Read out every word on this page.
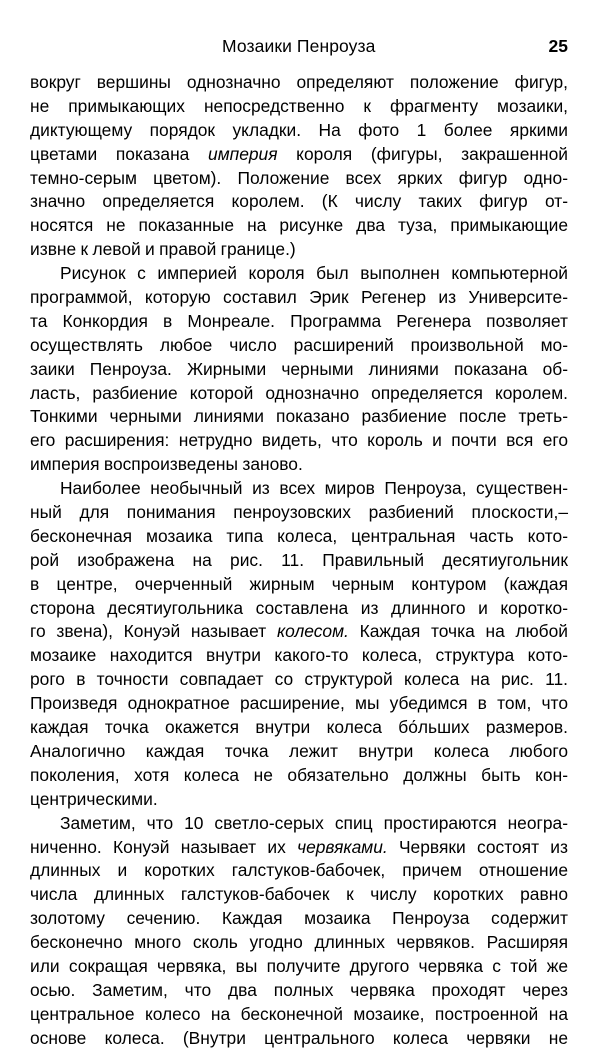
Мозаики Пенроуза	25
вокруг вершины однозначно определяют положение фигур,
не примыкающих непосредственно к фрагменту мозаики,
диктующему порядок укладки. На фото 1 более яркими
цветами показана империя короля (фигуры, закрашенной
темно-серым цветом). Положение всех ярких фигур одно-
значно определяется королем. (К числу таких фигур от-
носятся не показанные на рисунке два туза, примыкающие
извне к левой и правой границе.)
Рисунок с империей короля был выполнен компьютерной
программой, которую составил Эрик Регенер из Университе-
та Конкордия в Монреале. Программа Регенера позволяет
осуществлять любое число расширений произвольной мо-
заики Пенроуза. Жирными черными линиями показана об-
ласть, разбиение которой однозначно определяется королем.
Тонкими черными линиями показано разбиение после треть-
его расширения: нетрудно видеть, что король и почти вся его
империя воспроизведены заново.
Наиболее необычный из всех миров Пенроуза, существен-
ный для понимания пенроузовских разбиений плоскости,–
бесконечная мозаика типа колеса, центральная часть кото-
рой изображена на рис. 11. Правильный десятиугольник
в центре, очерченный жирным черным контуром (каждая
сторона десятиугольника составлена из длинного и коротко-
го звена), Конуэй называет колесом. Каждая точка на любой
мозаике находится внутри какого-то колеса, структура кото-
рого в точности совпадает со структурой колеса на рис. 11.
Произведя однократное расширение, мы убедимся в том, что
каждая точка окажется внутри колеса бо́льших размеров.
Аналогично каждая точка лежит внутри колеса любого
поколения, хотя колеса не обязательно должны быть кон-
центрическими.
Заметим, что 10 светло-серых спиц простираются неогра-
ниченно. Конуэй называет их червяками. Червяки состоят из
длинных и коротких галстуков-бабочек, причем отношение
числа длинных галстуков-бабочек к числу коротких равно
золотому сечению. Каждая мозаика Пенроуза содержит
бесконечно много сколь угодно длинных червяков. Расширяя
или сокращая червяка, вы получите другого червяка с той же
осью. Заметим, что два полных червяка проходят через
центральное колесо на бесконечной мозаике, построенной на
основе колеса. (Внутри центрального колеса червяки не
